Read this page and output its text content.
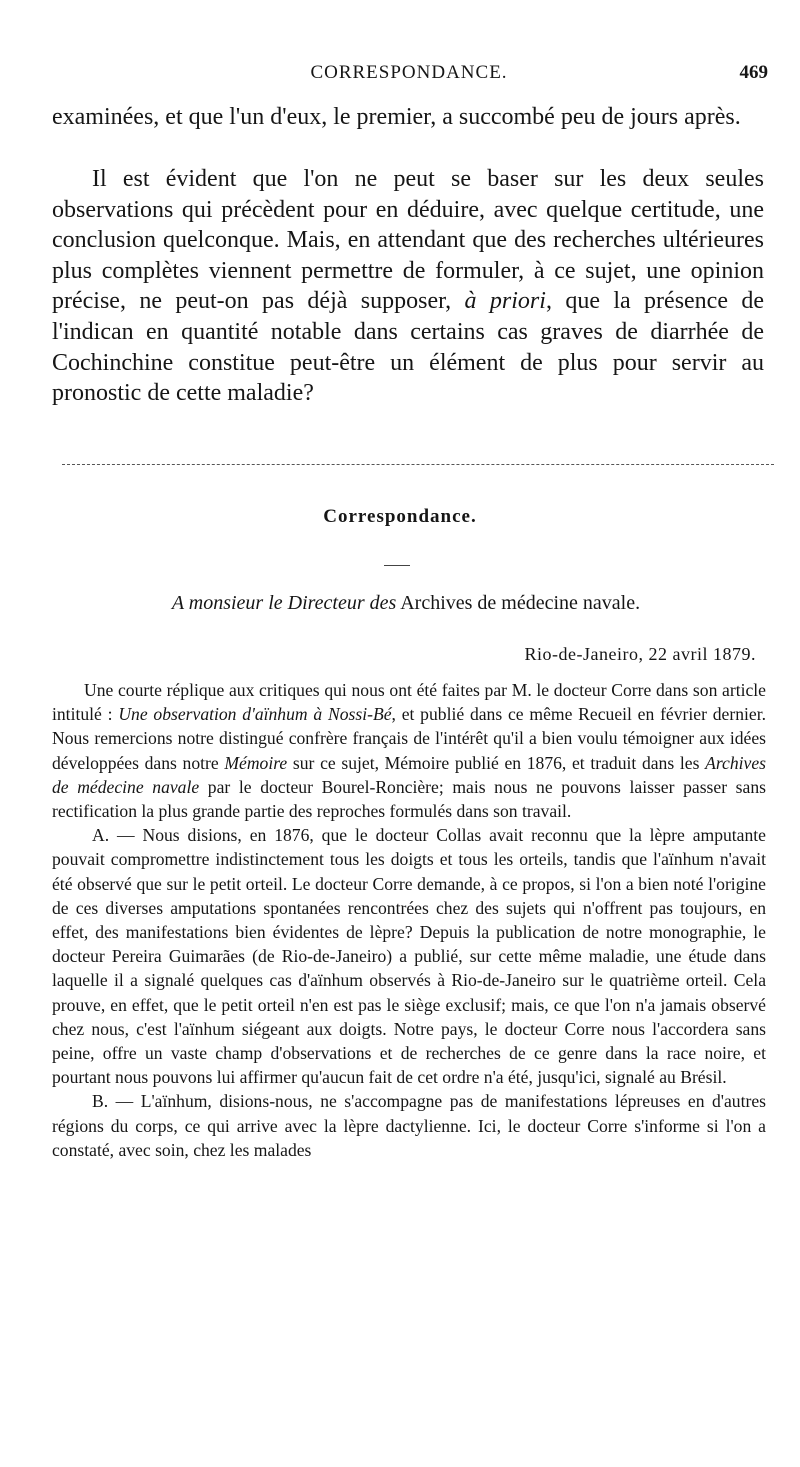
CORRESPONDANCE.	469

examinées, et que l'un d'eux, le premier, a succombé peu de jours après.

Il est évident que l'on ne peut se baser sur les deux seules observations qui précèdent pour en déduire, avec quelque certitude, une conclusion quelconque. Mais, en attendant que des recherches ultérieures plus complètes viennent permettre de formuler, à ce sujet, une opinion précise, ne peut-on pas déjà supposer, à priori, que la présence de l'indican en quantité notable dans certains cas graves de diarrhée de Cochinchine constitue peut-être un élément de plus pour servir au pronostic de cette maladie?

Correspondance.
A monsieur le Directeur des Archives de médecine navale.
Rio-de-Janeiro, 22 avril 1879.

Une courte réplique aux critiques qui nous ont été faites par M. le docteur Corre dans son article intitulé : Une observation d'aïnhum à Nossi-Bé, et publié dans ce même Recueil en février dernier. Nous remercions notre distingué confrère français de l'intérêt qu'il a bien voulu témoigner aux idées développées dans notre Mémoire sur ce sujet, Mémoire publié en 1876, et traduit dans les Archives de médecine navale par le docteur Bourel-Roncière; mais nous ne pouvons laisser passer sans rectification la plus grande partie des reproches formulés dans son travail.

A. — Nous disions, en 1876, que le docteur Collas avait reconnu que la lèpre amputante pouvait compromettre indistinctement tous les doigts et tous les orteils, tandis que l'aïnhum n'avait été observé que sur le petit orteil. Le docteur Corre demande, à ce propos, si l'on a bien noté l'origine de ces diverses amputations spontanées rencontrées chez des sujets qui n'offrent pas toujours, en effet, des manifestations bien évidentes de lèpre? Depuis la publication de notre monographie, le docteur Pereira Guimarães (de Rio-de-Janeiro) a publié, sur cette même maladie, une étude dans laquelle il a signalé quelques cas d'aïnhum observés à Rio-de-Janeiro sur le quatrième orteil. Cela prouve, en effet, que le petit orteil n'en est pas le siège exclusif; mais, ce que l'on n'a jamais observé chez nous, c'est l'aïnhum siégeant aux doigts. Notre pays, le docteur Corre nous l'accordera sans peine, offre un vaste champ d'observations et de recherches de ce genre dans la race noire, et pourtant nous pouvons lui affirmer qu'aucun fait de cet ordre n'a été, jusqu'ici, signalé au Brésil.

B. — L'aïnhum, disions-nous, ne s'accompagne pas de manifestations lépreuses en d'autres régions du corps, ce qui arrive avec la lèpre dactylienne. Ici, le docteur Corre s'informe si l'on a constaté, avec soin, chez les malades
